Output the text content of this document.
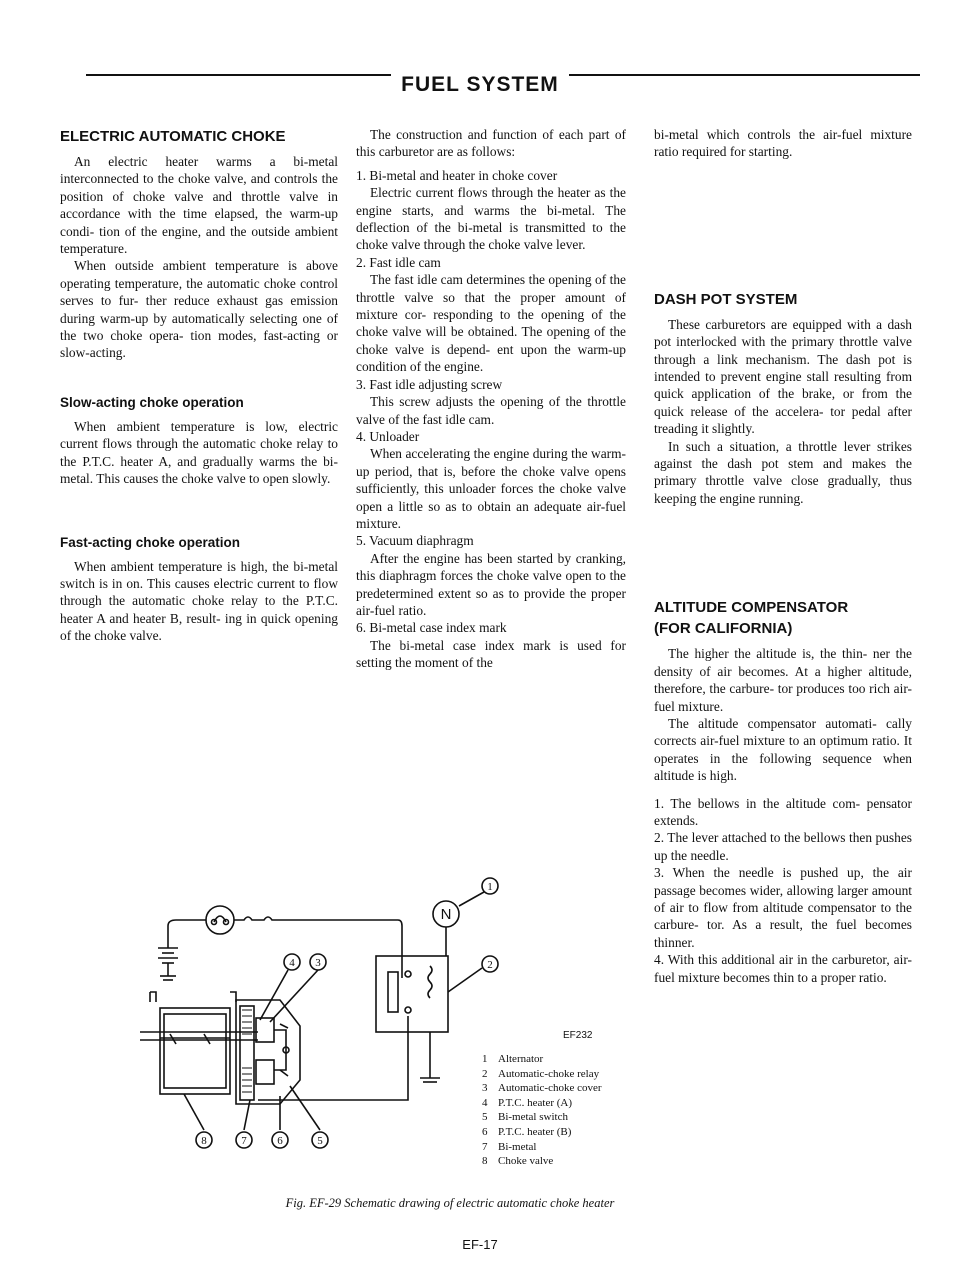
FUEL SYSTEM
ELECTRIC AUTOMATIC CHOKE

An electric heater warms a bi-metal interconnected to the choke valve, and controls the position of choke valve and throttle valve in accordance with the time elapsed, the warm-up condi- tion of the engine, and the outside ambient temperature.

When outside ambient temperature is above operating temperature, the automatic choke control serves to fur- ther reduce exhaust gas emission during warm-up by automatically selecting one of the two choke opera- tion modes, fast-acting or slow-acting.

Slow-acting choke operation

When ambient temperature is low, electric current flows through the automatic choke relay to the P.T.C. heater A, and gradually warms the bi-metal. This causes the choke valve to open slowly.

Fast-acting choke operation

When ambient temperature is high, the bi-metal switch is in on. This causes electric current to flow through the automatic choke relay to the P.T.C. heater A and heater B, result- ing in quick opening of the choke valve.

The construction and function of each part of this carburetor are as follows:

1. Bi-metal and heater in choke cover

Electric current flows through the heater as the engine starts, and warms the bi-metal. The deflection of the bi-metal is transmitted to the choke valve through the choke valve lever.

2. Fast idle cam

The fast idle cam determines the opening of the throttle valve so that the proper amount of mixture cor- responding to the opening of the choke valve will be obtained. The opening of the choke valve is depend- ent upon the warm-up condition of the engine.

3. Fast idle adjusting screw

This screw adjusts the opening of the throttle valve of the fast idle cam.

4. Unloader

When accelerating the engine during the warm-up period, that is, before the choke valve opens sufficiently, this unloader forces the choke valve open a little so as to obtain an adequate air-fuel mixture.

5. Vacuum diaphragm

After the engine has been started by cranking, this diaphragm forces the choke valve open to the predetermined extent so as to provide the proper air-fuel ratio.

6. Bi-metal case index mark

The bi-metal case index mark is used for setting the moment of the

bi-metal which controls the air-fuel mixture ratio required for starting.

DASH POT SYSTEM

These carburetors are equipped with a dash pot interlocked with the primary throttle valve through a link mechanism. The dash pot is intended to prevent engine stall resulting from quick application of the brake, or from the quick release of the accelera- tor pedal after treading it slightly.

In such a situation, a throttle lever strikes against the dash pot stem and makes the primary throttle valve close gradually, thus keeping the engine running.

ALTITUDE COMPENSATOR
(FOR CALIFORNIA)

The higher the altitude is, the thin- ner the density of air becomes. At a higher altitude, therefore, the carbure- tor produces too rich air-fuel mixture.

The altitude compensator automati- cally corrects air-fuel mixture to an optimum ratio. It operates in the following sequence when altitude is high.

1. The bellows in the altitude com- pensator extends.

2. The lever attached to the bellows then pushes up the needle.

3. When the needle is pushed up, the air passage becomes wider, allowing larger amount of air to flow from altitude compensator to the carbure- tor. As a result, the fuel becomes thinner.

4. With this additional air in the carburetor, air-fuel mixture becomes thin to a proper ratio.

N
1
2
3
4
5
6
7
8
EF232
1 Alternator
2 Automatic-choke relay
3 Automatic-choke cover
4 P.T.C. heater (A)
5 Bi-metal switch
6 P.T.C. heater (B)
7 Bi-metal
8 Choke valve
Fig. EF-29 Schematic drawing of electric automatic choke heater
EF-17
